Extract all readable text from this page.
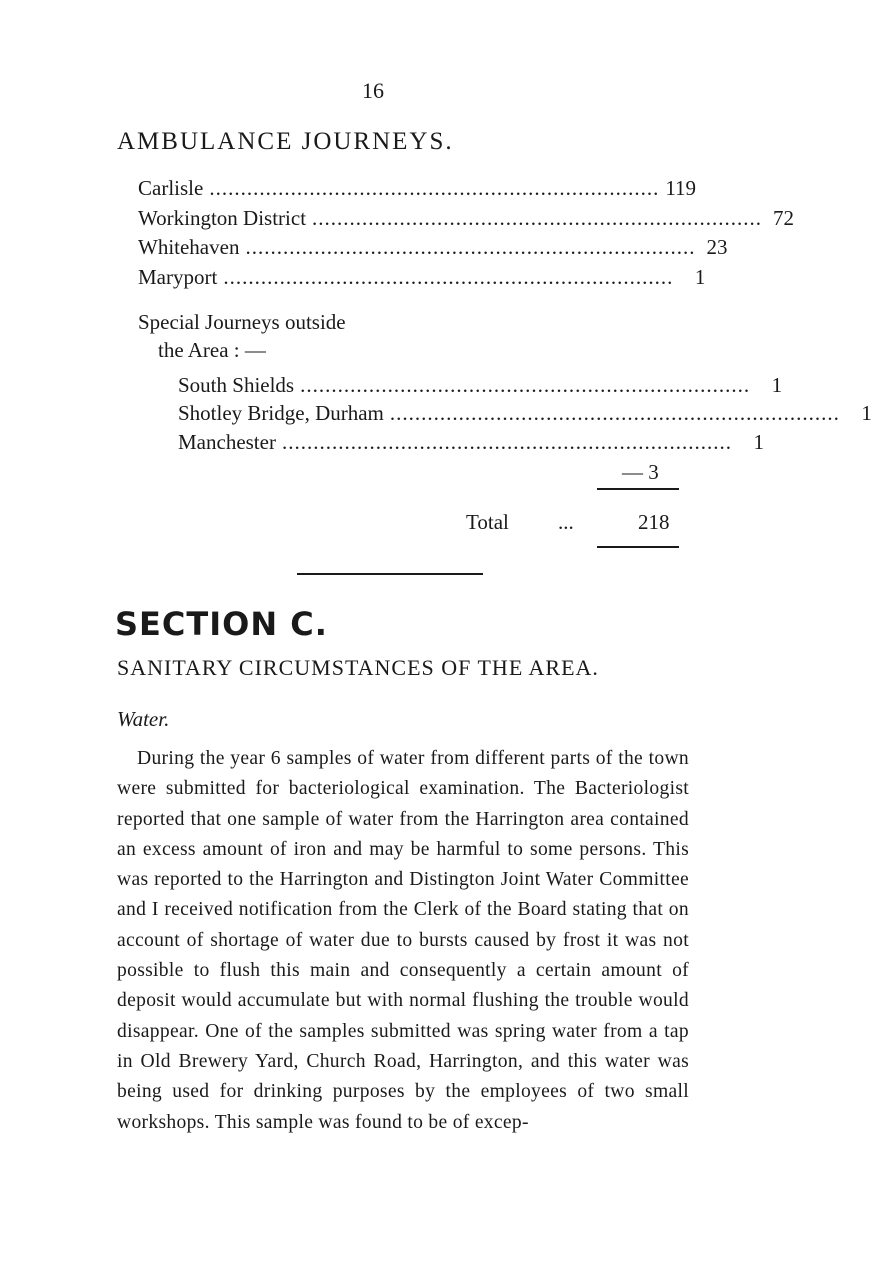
16
AMBULANCE JOURNEYS.
Carlisle ........................................................................ 119
Workington District ........................................................................ 72
Whitehaven ........................................................................ 23
Maryport ........................................................................	1
Special Journeys outside
the Area : —
South Shields ........................................................................	1
Shotley Bridge, Durham ........................................................................	1
Manchester ........................................................................	1
— 3
Total ...	218
SECTION C.
SANITARY CIRCUMSTANCES OF THE AREA.
Water.

During the year 6 samples of water from different parts of the town were submitted for bacteriological examination. The Bacteriologist reported that one sample of water from the Harrington area contained an excess amount of iron and may be harmful to some persons. This was reported to the Harrington and Distington Joint Water Committee and I received notification from the Clerk of the Board stating that on account of shortage of water due to bursts caused by frost it was not possible to flush this main and consequently a certain amount of deposit would accumulate but with normal flushing the trouble would disappear. One of the samples submitted was spring water from a tap in Old Brewery Yard, Church Road, Harrington, and this water was being used for drinking purposes by the employees of two small workshops. This sample was found to be of excep-
